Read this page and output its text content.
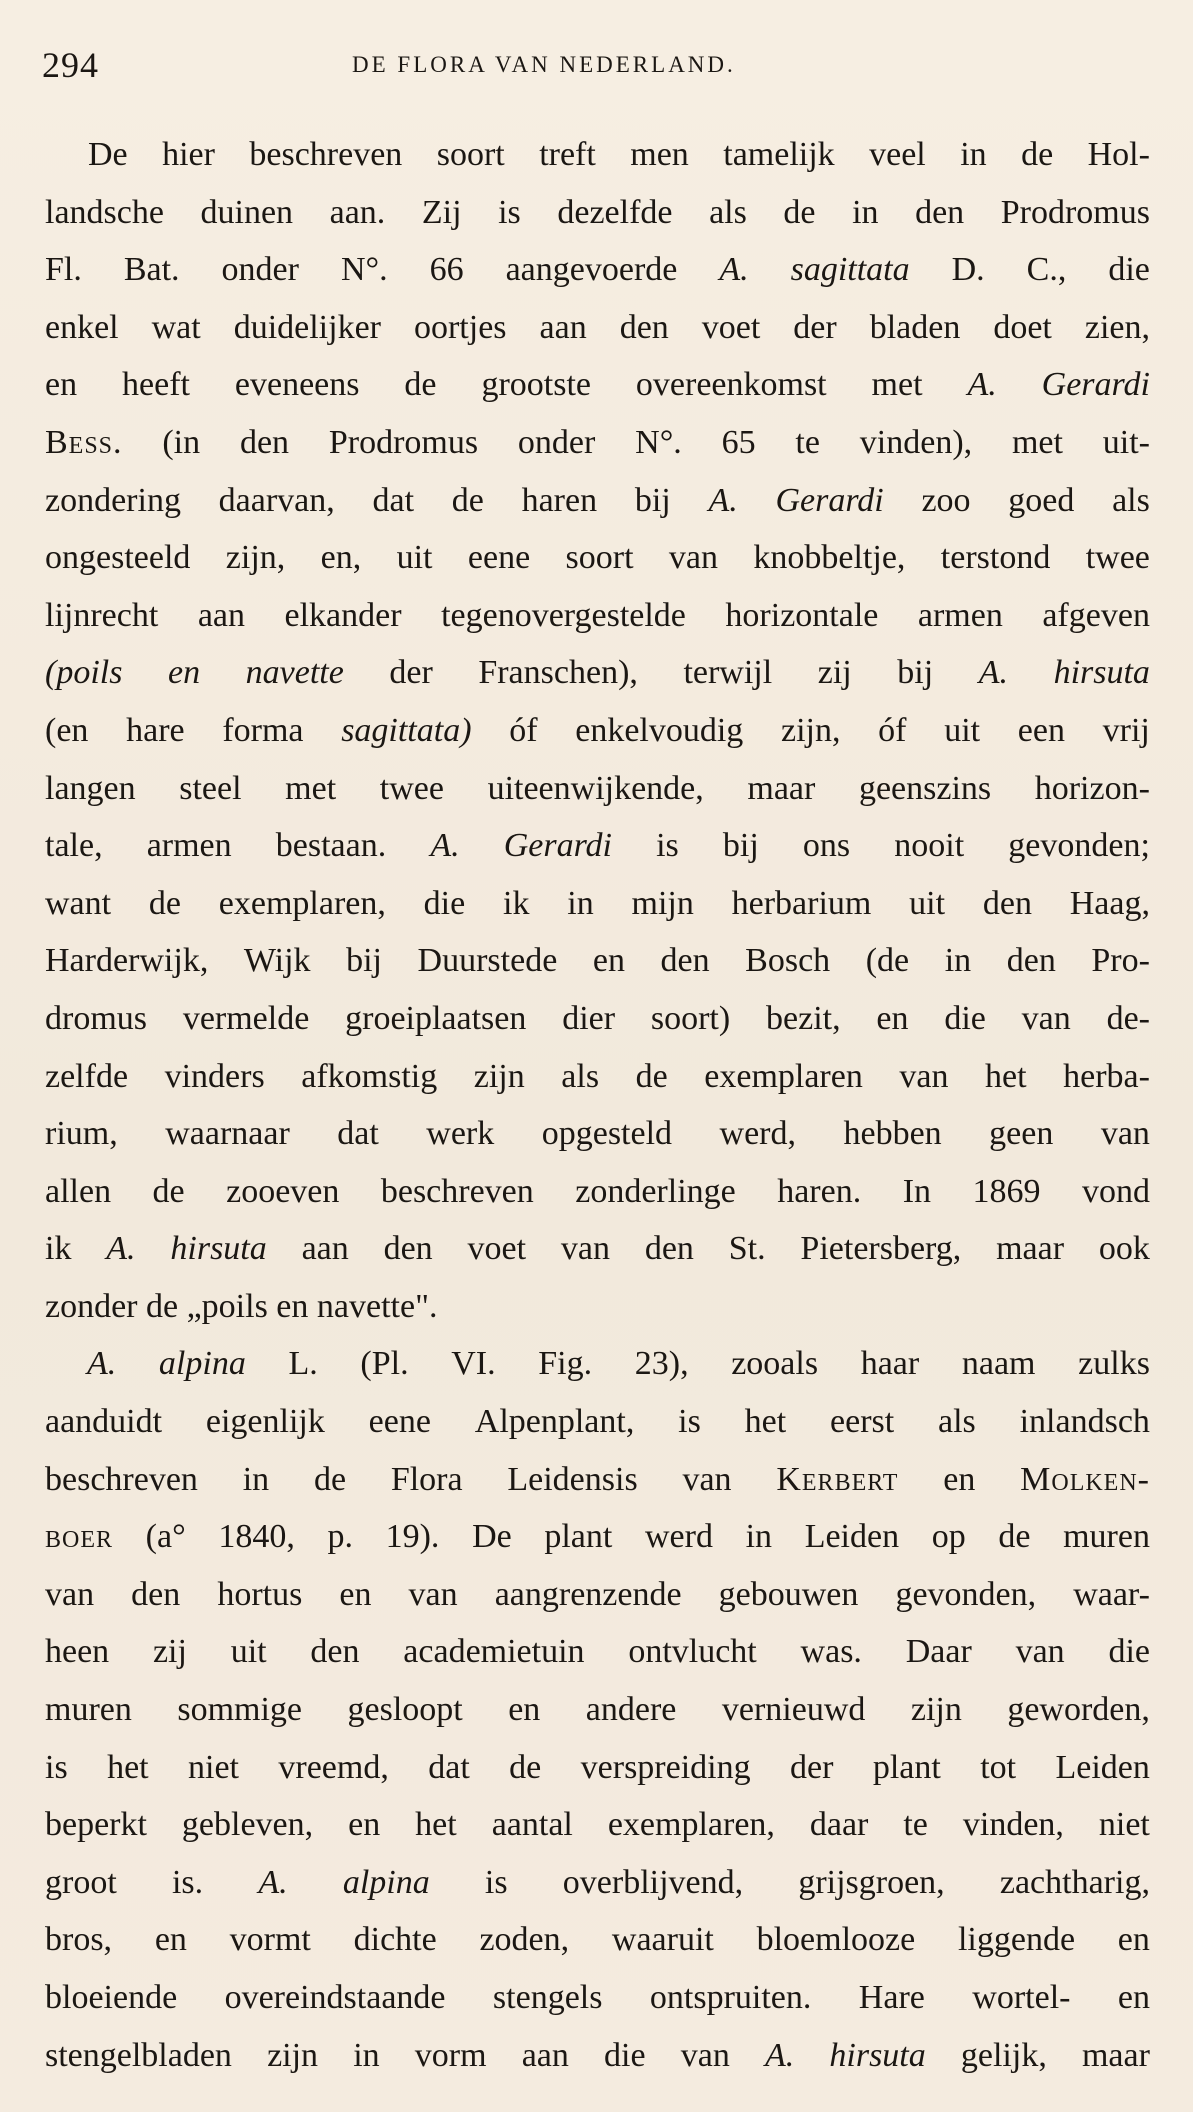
294	DE FLORA VAN NEDERLAND.
De hier beschreven soort treft men tamelijk veel in de Hol-
landsche duinen aan. Zij is dezelfde als de in den Prodromus
Fl. Bat. onder N°. 66 aangevoerde A. sagittata D. C., die
enkel wat duidelijker oortjes aan den voet der bladen doet zien,
en heeft eveneens de grootste overeenkomst met A. Gerardi
Bess. (in den Prodromus onder N°. 65 te vinden), met uit-
zondering daarvan, dat de haren bij A. Gerardi zoo goed als
ongesteeld zijn, en, uit eene soort van knobbeltje, terstond twee
lijnrecht aan elkander tegenovergestelde horizontale armen afgeven
(poils en navette der Franschen), terwijl zij bij A. hirsuta
(en hare forma sagittata) óf enkelvoudig zijn, óf uit een vrij
langen steel met twee uiteenwijkende, maar geenszins horizon-
tale, armen bestaan. A. Gerardi is bij ons nooit gevonden;
want de exemplaren, die ik in mijn herbarium uit den Haag,
Harderwijk, Wijk bij Duurstede en den Bosch (de in den Pro-
dromus vermelde groeiplaatsen dier soort) bezit, en die van de-
zelfde vinders afkomstig zijn als de exemplaren van het herba-
rium, waarnaar dat werk opgesteld werd, hebben geen van
allen de zooeven beschreven zonderlinge haren. In 1869 vond
ik A. hirsuta aan den voet van den St. Pietersberg, maar ook
zonder de „poils en navette".
A. alpina L. (Pl. VI. Fig. 23), zooals haar naam zulks
aanduidt eigenlijk eene Alpenplant, is het eerst als inlandsch
beschreven in de Flora Leidensis van Kerbert en Molken-
boer (a° 1840, p. 19). De plant werd in Leiden op de muren
van den hortus en van aangrenzende gebouwen gevonden, waar-
heen zij uit den academietuin ontvlucht was. Daar van die
muren sommige gesloopt en andere vernieuwd zijn geworden,
is het niet vreemd, dat de verspreiding der plant tot Leiden
beperkt gebleven, en het aantal exemplaren, daar te vinden, niet
groot is. A. alpina is overblijvend, grijsgroen, zachtharig,
bros, en vormt dichte zoden, waaruit bloemlooze liggende en
bloeiende overeindstaande stengels ontspruiten. Hare wortel- en
stengelbladen zijn in vorm aan die van A. hirsuta gelijk, maar
